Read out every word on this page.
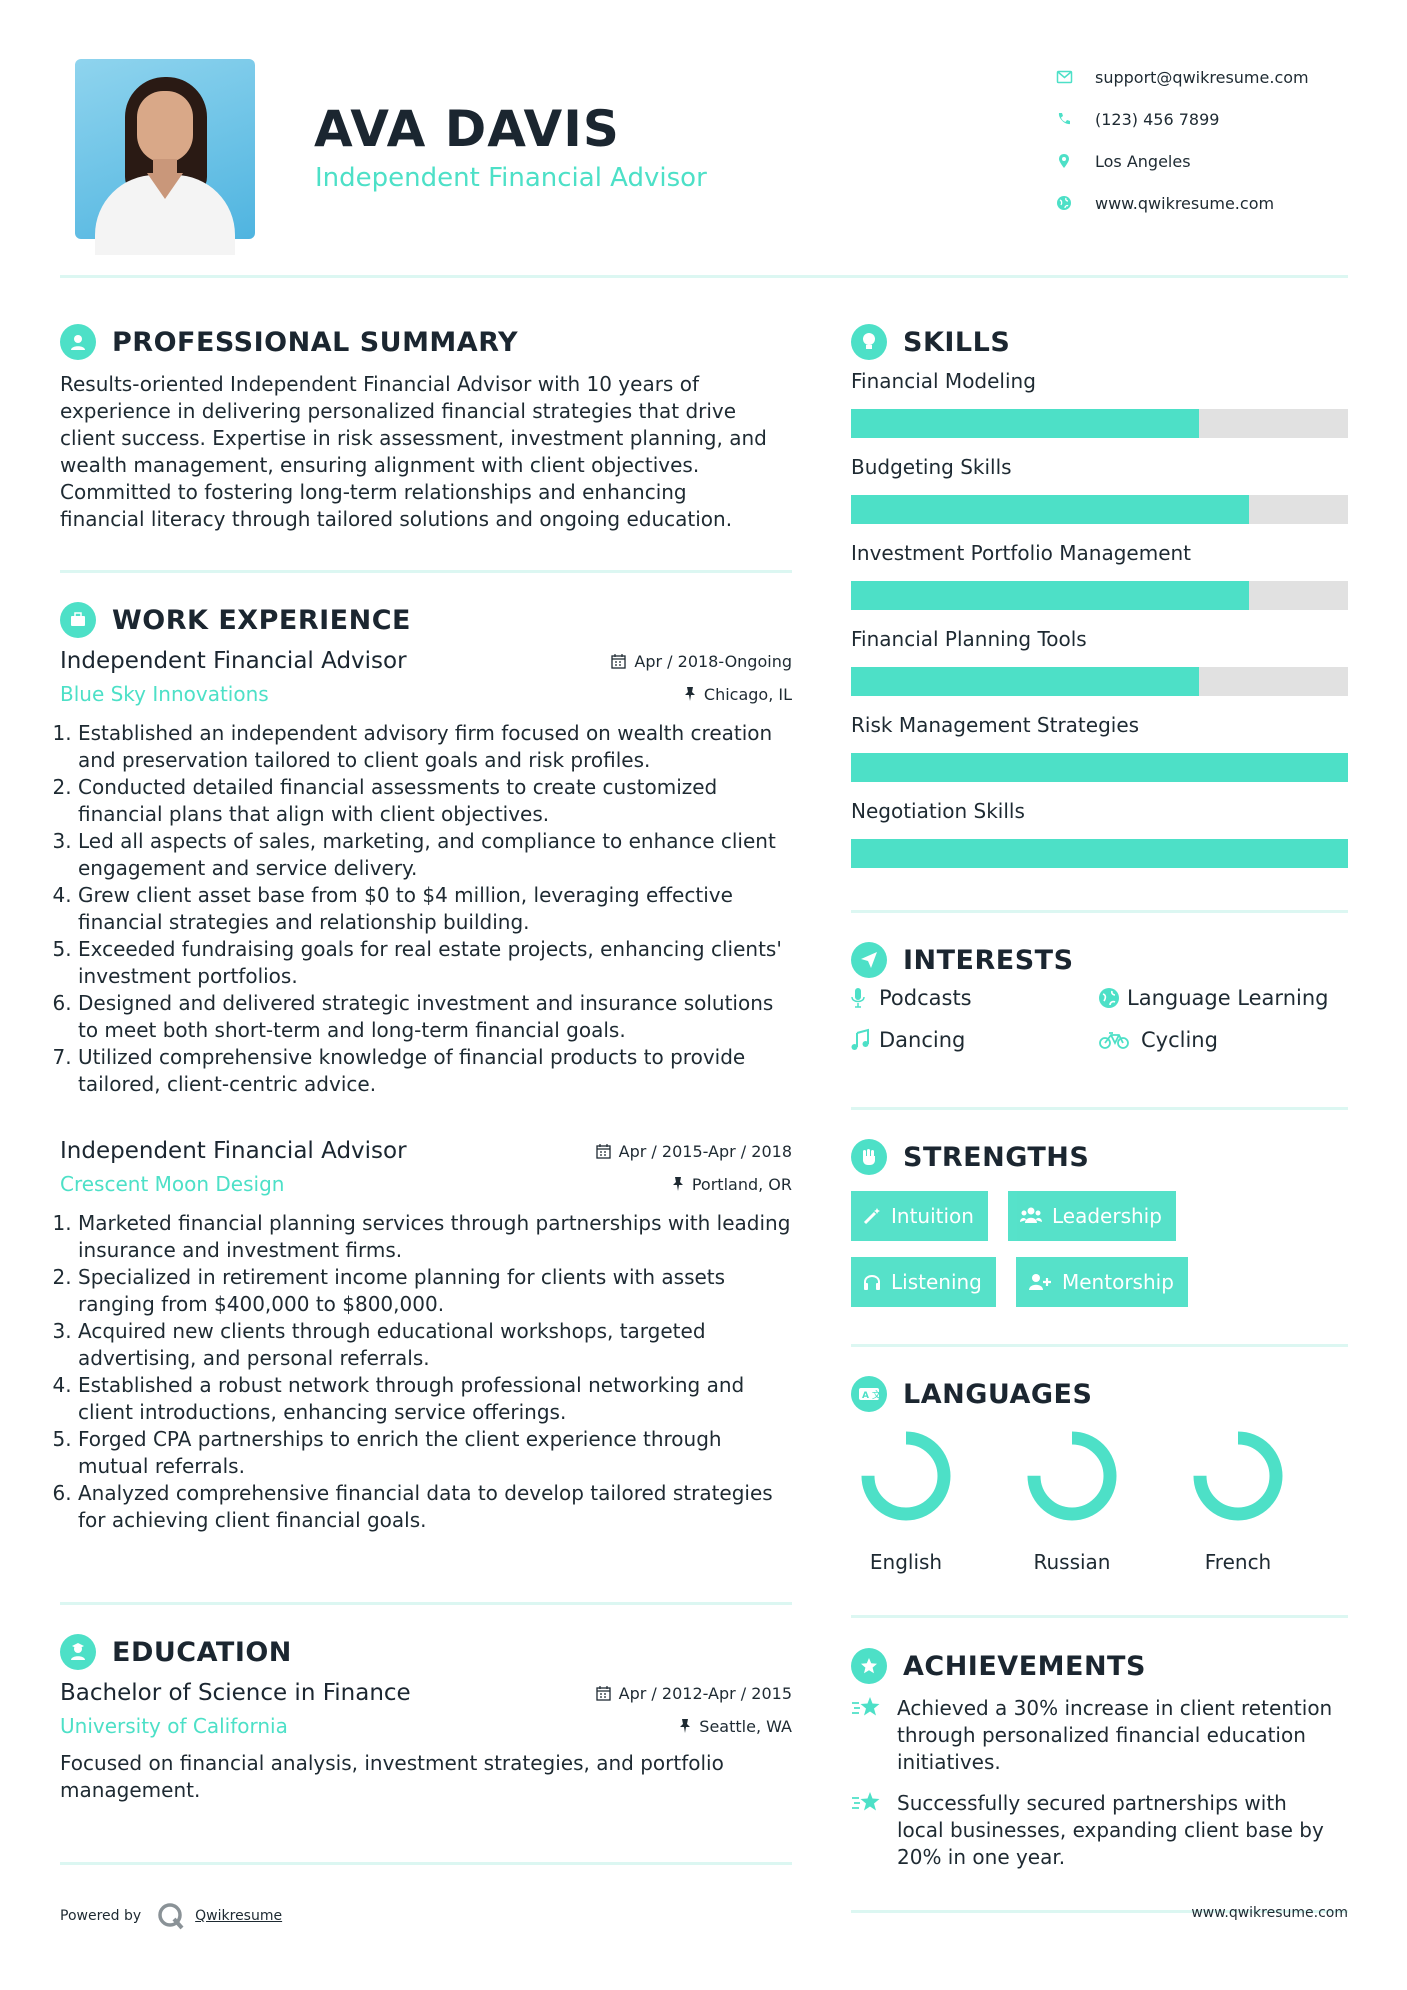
AVA DAVIS
Independent Financial Advisor
support@qwikresume.com
(123) 456 7899
Los Angeles
www.qwikresume.com
PROFESSIONAL SUMMARY
Results-oriented Independent Financial Advisor with 10 years of
experience in delivering personalized financial strategies that drive
client success. Expertise in risk assessment, investment planning, and
wealth management, ensuring alignment with client objectives.
Committed to fostering long-term relationships and enhancing
financial literacy through tailored solutions and ongoing education.
WORK EXPERIENCE
Independent Financial Advisor	Apr / 2018-Ongoing
Blue Sky Innovations	Chicago, IL
1. Established an independent advisory firm focused on wealth creation and preservation tailored to client goals and risk profiles.
2. Conducted detailed financial assessments to create customized financial plans that align with client objectives.
3. Led all aspects of sales, marketing, and compliance to enhance client engagement and service delivery.
4. Grew client asset base from $0 to $4 million, leveraging effective financial strategies and relationship building.
5. Exceeded fundraising goals for real estate projects, enhancing clients' investment portfolios.
6. Designed and delivered strategic investment and insurance solutions to meet both short-term and long-term financial goals.
7. Utilized comprehensive knowledge of financial products to provide tailored, client-centric advice.
Independent Financial Advisor	Apr / 2015-Apr / 2018
Crescent Moon Design	Portland, OR
1. Marketed financial planning services through partnerships with leading insurance and investment firms.
2. Specialized in retirement income planning for clients with assets ranging from $400,000 to $800,000.
3. Acquired new clients through educational workshops, targeted advertising, and personal referrals.
4. Established a robust network through professional networking and client introductions, enhancing service offerings.
5. Forged CPA partnerships to enrich the client experience through mutual referrals.
6. Analyzed comprehensive financial data to develop tailored strategies for achieving client financial goals.
EDUCATION
Bachelor of Science in Finance	Apr / 2012-Apr / 2015
University of California	Seattle, WA
Focused on financial analysis, investment strategies, and portfolio
management.
SKILLS
Financial Modeling
Budgeting Skills
Investment Portfolio Management
Financial Planning Tools
Risk Management Strategies
Negotiation Skills
INTERESTS
Podcasts	Language Learning
Dancing	Cycling
STRENGTHS
Intuition	Leadership
Listening	Mentorship
A 文 LANGUAGES
English	Russian	French
ACHIEVEMENTS
Achieved a 30% increase in client retention
through personalized financial education
initiatives.
Successfully secured partnerships with
local businesses, expanding client base by
20% in one year.
Powered by	Qwikresume	www.qwikresume.com
